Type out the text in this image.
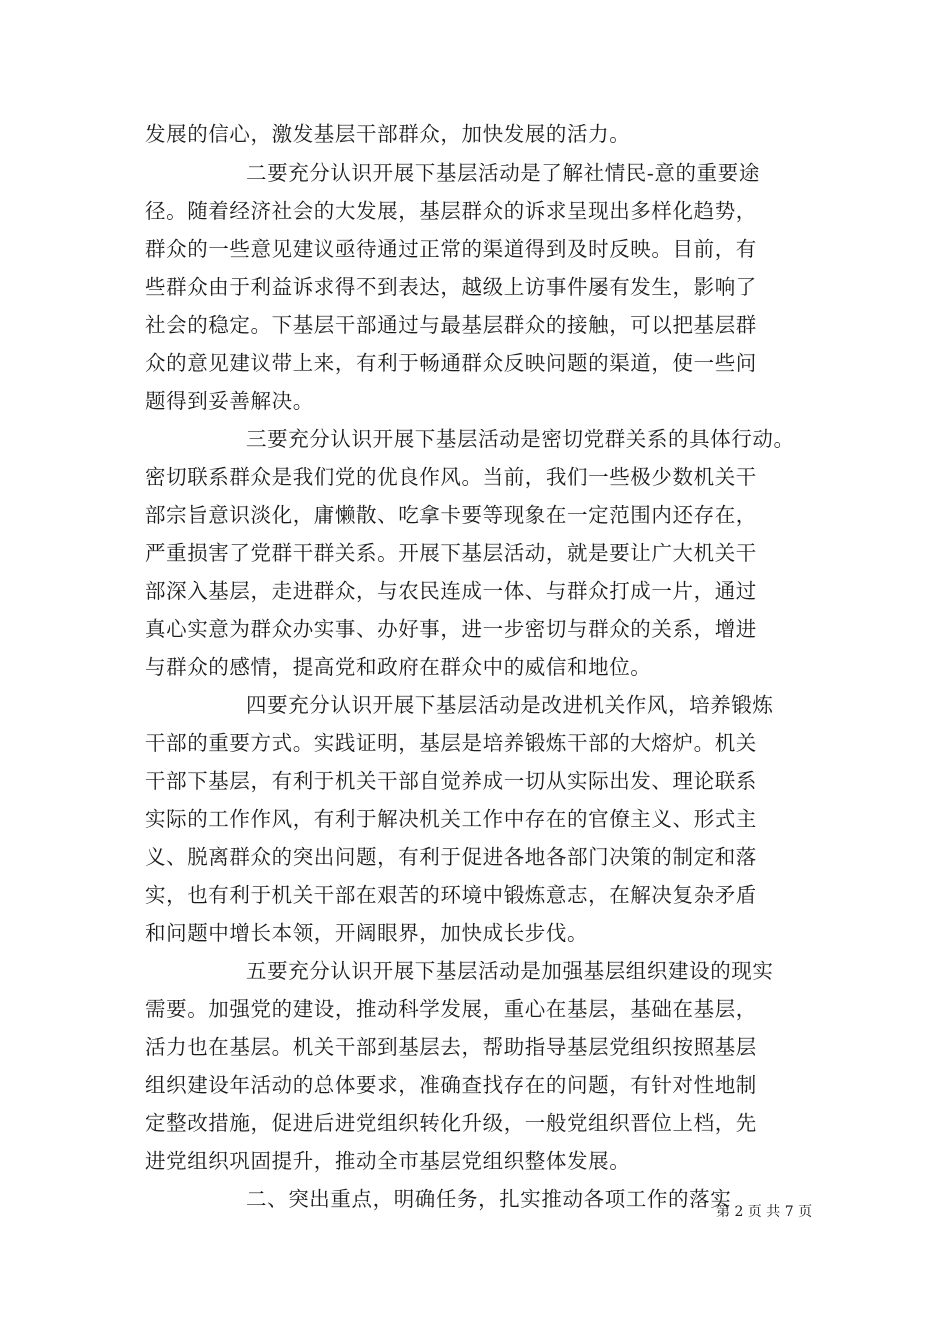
发展的信心，激发基层干部群众，加快发展的活力。
二要充分认识开展下基层活动是了解社情民-意的重要途
径。随着经济社会的大发展，基层群众的诉求呈现出多样化趋势，
群众的一些意见建议亟待通过正常的渠道得到及时反映。目前，有
些群众由于利益诉求得不到表达，越级上访事件屡有发生，影响了
社会的稳定。下基层干部通过与最基层群众的接触，可以把基层群
众的意见建议带上来，有利于畅通群众反映问题的渠道，使一些问
题得到妥善解决。
三要充分认识开展下基层活动是密切党群关系的具体行动。
密切联系群众是我们党的优良作风。当前，我们一些极少数机关干
部宗旨意识淡化，庸懒散、吃拿卡要等现象在一定范围内还存在，
严重损害了党群干群关系。开展下基层活动，就是要让广大机关干
部深入基层，走进群众，与农民连成一体、与群众打成一片，通过
真心实意为群众办实事、办好事，进一步密切与群众的关系，增进
与群众的感情，提高党和政府在群众中的威信和地位。
四要充分认识开展下基层活动是改进机关作风，培养锻炼
干部的重要方式。实践证明，基层是培养锻炼干部的大熔炉。机关
干部下基层，有利于机关干部自觉养成一切从实际出发、理论联系
实际的工作作风，有利于解决机关工作中存在的官僚主义、形式主
义、脱离群众的突出问题，有利于促进各地各部门决策的制定和落
实，也有利于机关干部在艰苦的环境中锻炼意志，在解决复杂矛盾
和问题中增长本领，开阔眼界，加快成长步伐。
五要充分认识开展下基层活动是加强基层组织建设的现实
需要。加强党的建设，推动科学发展，重心在基层，基础在基层，
活力也在基层。机关干部到基层去，帮助指导基层党组织按照基层
组织建设年活动的总体要求，准确查找存在的问题，有针对性地制
定整改措施，促进后进党组织转化升级，一般党组织晋位上档，先
进党组织巩固提升，推动全市基层党组织整体发展。
二、突出重点，明确任务，扎实推动各项工作的落实
第 2 页 共 7 页
